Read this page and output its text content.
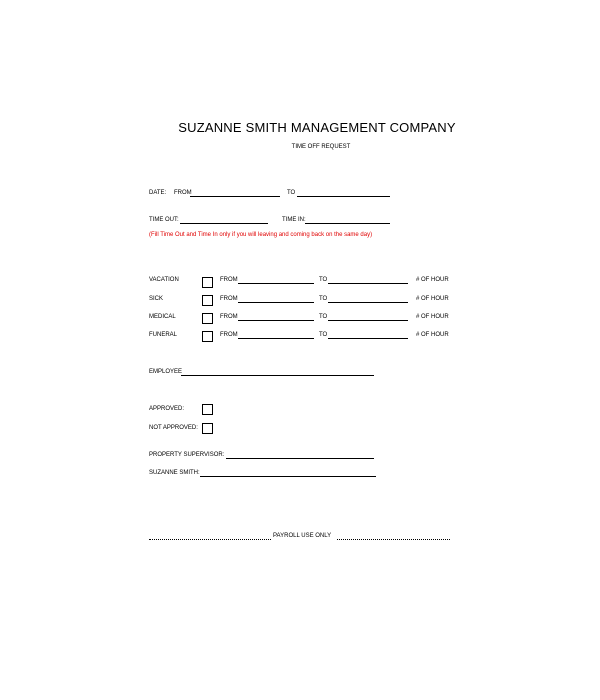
SUZANNE SMITH MANAGEMENT COMPANY
TIME OFF REQUEST
DATE: FROM	TO
TIME OUT:	TIME IN:
(Fill Time Out and Time In only if you will leaving and coming back on the same day)
VACATION	FROM	TO	# OF HOUR
SICK	FROM	TO	# OF HOUR
MEDICAL	FROM	TO	# OF HOUR
FUNERAL	FROM	TO	# OF HOUR
EMPLOYEE
APPROVED:
NOT APPROVED:
PROPERTY SUPERVISOR:
SUZANNE SMITH:
PAYROLL USE ONLY
